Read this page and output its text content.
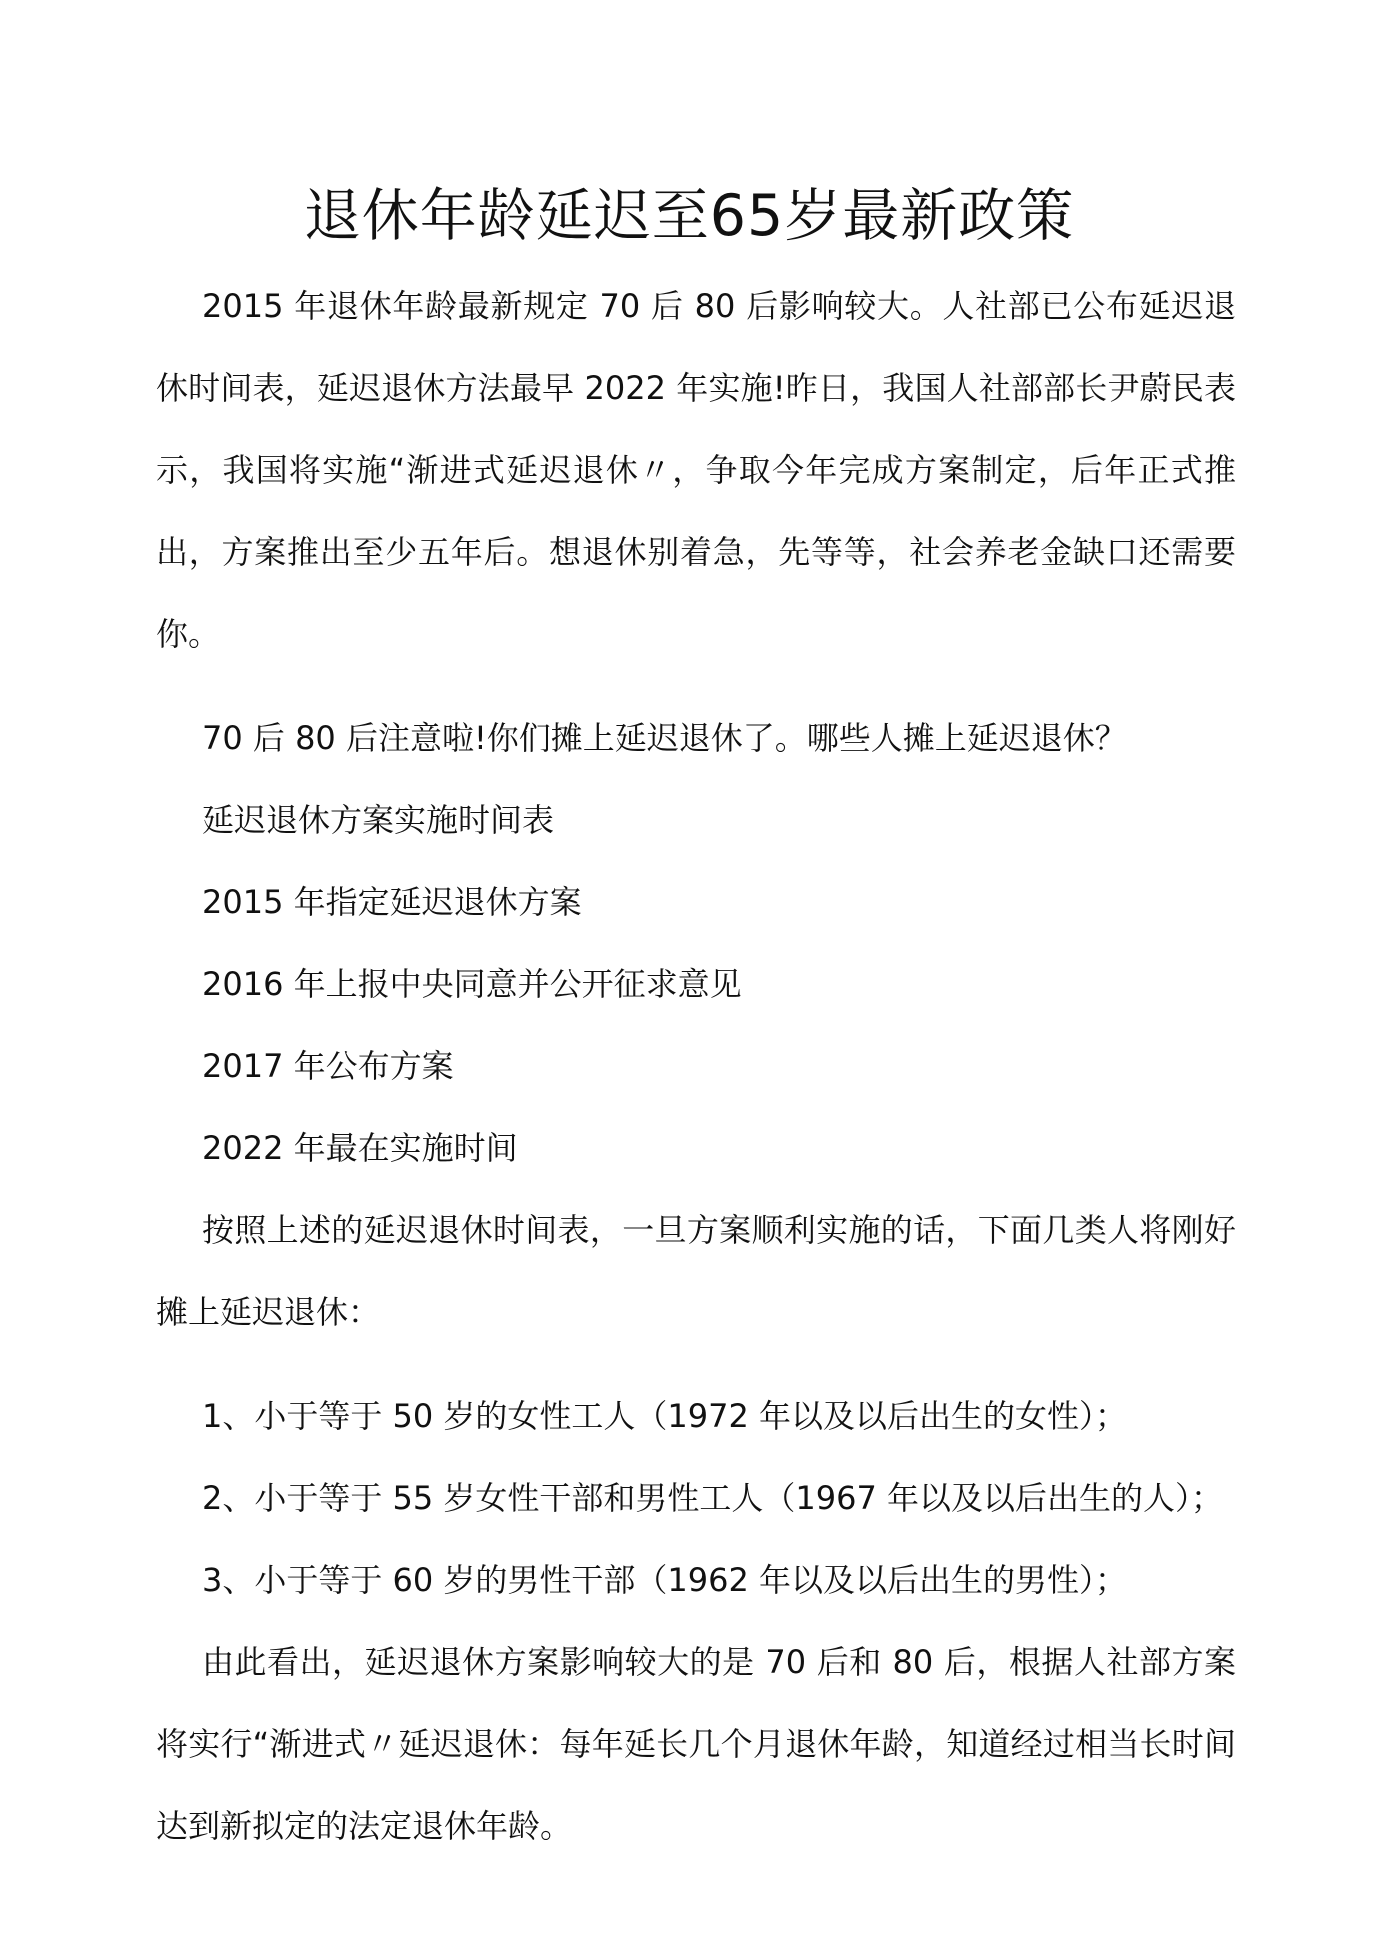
退休年龄延迟至65岁最新政策

2015 年退休年龄最新规定 70 后 80 后影响较大。人社部已公布延迟退休时间表，延迟退休方法最早 2022 年实施!昨日，我国人社部部长尹蔚民表示，我国将实施“渐进式延迟退休〃，争取今年完成方案制定，后年正式推出，方案推出至少五年后。想退休别着急，先等等，社会养老金缺口还需要你。

70 后 80 后注意啦!你们摊上延迟退休了。哪些人摊上延迟退休？

延迟退休方案实施时间表

2015 年指定延迟退休方案

2016 年上报中央同意并公开征求意见

2017 年公布方案

2022 年最在实施时间

按照上述的延迟退休时间表，一旦方案顺利实施的话，下面几类人将刚好摊上延迟退休：

1、小于等于 50 岁的女性工人（1972 年以及以后出生的女性）；

2、小于等于 55 岁女性干部和男性工人（1967 年以及以后出生的人）；

3、小于等于 60 岁的男性干部（1962 年以及以后出生的男性）；

由此看出，延迟退休方案影响较大的是 70 后和 80 后，根据人社部方案将实行“渐进式〃延迟退休：每年延长几个月退休年龄，知道经过相当长时间达到新拟定的法定退休年龄。
